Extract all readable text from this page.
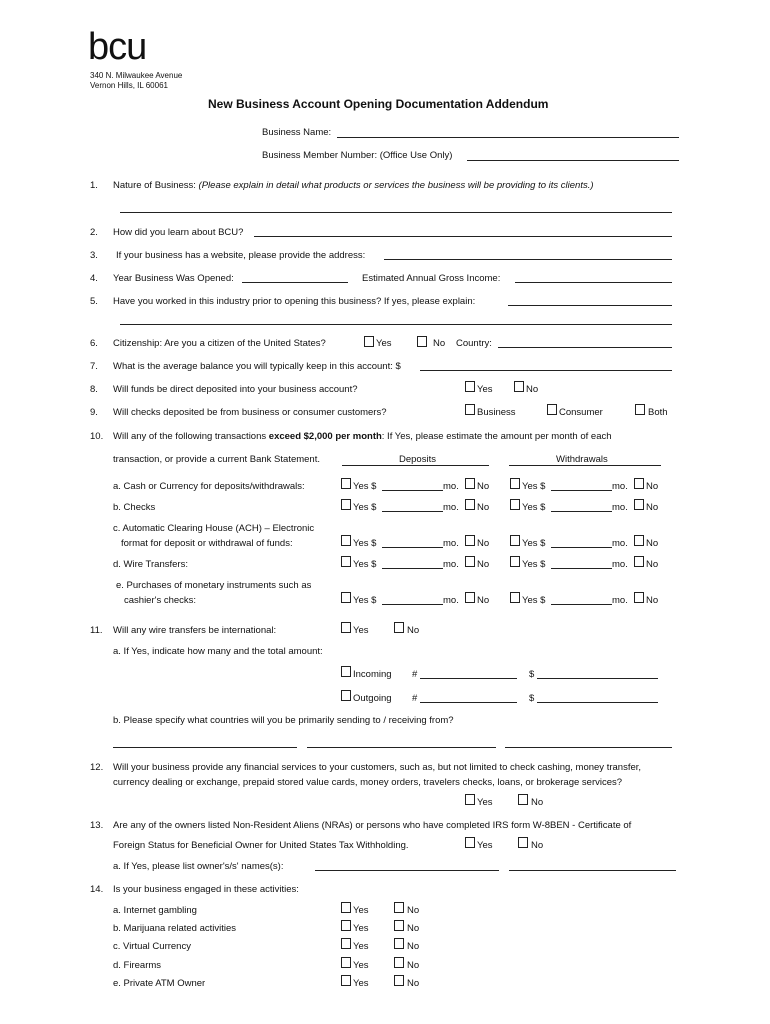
bcu
340 N. Milwaukee Avenue
Vernon Hills, IL 60061
New Business Account Opening Documentation Addendum
Business Name:
Business Member Number: (Office Use Only)
1. Nature of Business: (Please explain in detail what products or services the business will be providing to its clients.)
2. How did you learn about BCU?
3. If your business has a website, please provide the address:
4. Year Business Was Opened:	Estimated Annual Gross Income:
5. Have you worked in this industry prior to opening this business? If yes, please explain:
6. Citizenship: Are you a citizen of the United States?	Yes	No Country:
7. What is the average balance you will typically keep in this account: $
8. Will funds be direct deposited into your business account?	Yes	No
9. Will checks deposited be from business or consumer customers?	Business	Consumer	Both
10. Will any of the following transactions exceed $2,000 per month: If Yes, please estimate the amount per month of each
transaction, or provide a current Bank Statement.	Deposits	Withdrawals
a. Cash or Currency for deposits/withdrawals:	Yes $	mo. No	Yes $	mo. No
b. Checks	Yes $	mo. No	Yes $	mo. No
c. Automatic Clearing House (ACH) – Electronic
format for deposit or withdrawal of funds:	Yes $	mo. No	Yes $	mo. No
d. Wire Transfers:	Yes $	mo. No	Yes $	mo. No
e. Purchases of monetary instruments such as
cashier's checks:	Yes $	mo. No	Yes $	mo. No
11. Will any wire transfers be international:	Yes	No
a. If Yes, indicate how many and the total amount:
Incoming #	$
Outgoing #	$
b. Please specify what countries will you be primarily sending to / receiving from?
12. Will your business provide any financial services to your customers, such as, but not limited to check cashing, money transfer,
currency dealing or exchange, prepaid stored value cards, money orders, travelers checks, loans, or brokerage services?
Yes	No
13. Are any of the owners listed Non-Resident Aliens (NRAs) or persons who have completed IRS form W-8BEN - Certificate of
Foreign Status for Beneficial Owner for United States Tax Withholding.	Yes	No
a. If Yes, please list owner's/s' names(s):
14. Is your business engaged in these activities:
a. Internet gambling	Yes	No
b. Marijuana related activities	Yes	No
c. Virtual Currency	Yes	No
d. Firearms	Yes	No
e. Private ATM Owner	Yes	No
